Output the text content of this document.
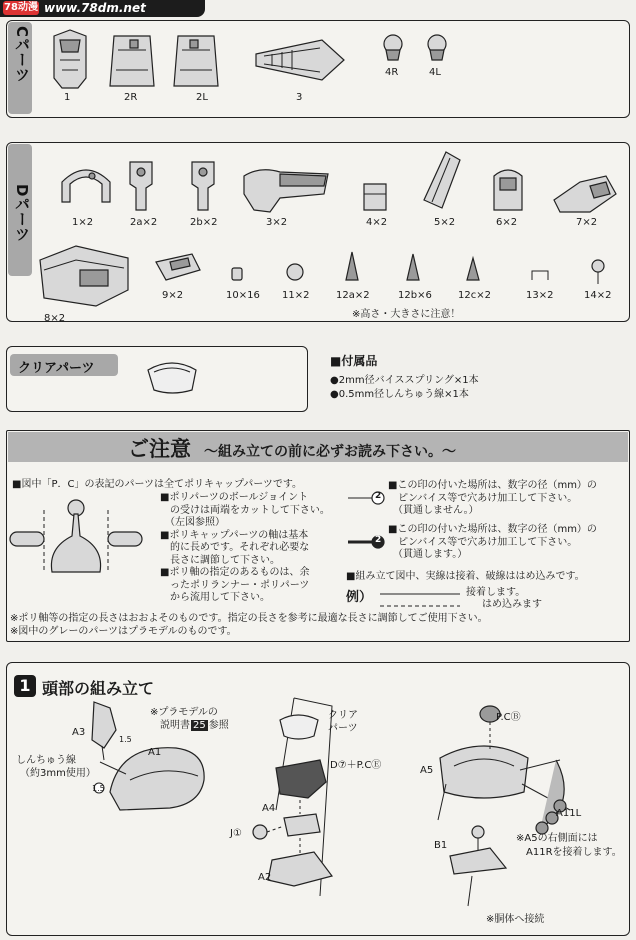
78动漫 www.78dm.net
Cパーツ
1	2R	2L	3
4R	4L
Dパーツ	1×2	2a×2	2b×2	3×2	4×2	5×2	6×2	7×2
8×2
9×2	10×16 11×2	12a×2	12b×6	12c×2	13×2	14×2
※高さ・大きさに注意！
クリアパーツ	■付属品
●2mm径バイススプリング×1本
●0.5mm径しんちゅう線×1本
ご注意 ～組み立ての前に必ずお読み下さい。～
■図中「P．C」の表記のパーツは全てポリキャップパーツです。
■ポリパーツのボールジョイント
　の受けは両端をカットして下さい。
　（左図参照）
■ポリキャップパーツの軸は基本
　的に長めです。それぞれ必要な
　長さに調節して下さい。
■ポリ軸の指定のあるものは、余
　ったポリランナー・ポリパーツ
　から流用して下さい。
2
2
■この印の付いた場所は、数字の径（mm）の
　ピンバイス等で穴あけ加工して下さい。
　（貫通しません。）
■この印の付いた場所は、数字の径（mm）の
　ピンバイス等で穴あけ加工して下さい。
　（貫通します。）
■組み立て図中、実線は接着、破線ははめ込みです。
例）	接着します。
はめ込みます
※ポリ軸等の指定の長さはおおよそのものです。指定の長さを参考に最適な長さに調節してご使用下さい。
※図中のグレーのパーツはプラモデルのものです。
1 頭部の組み立て
A3
1.5
A1
しんちゅう線
（約3mm使用）
1.5
※プラモデルの
説明書 25 参照
クリア
パーツ
D⑦＋P.CⒺ
A4
J①
A2
P.CⒷ
A5
A11L
B1
※A5の右側面には
A11Rを接着します。
※胴体へ接続
